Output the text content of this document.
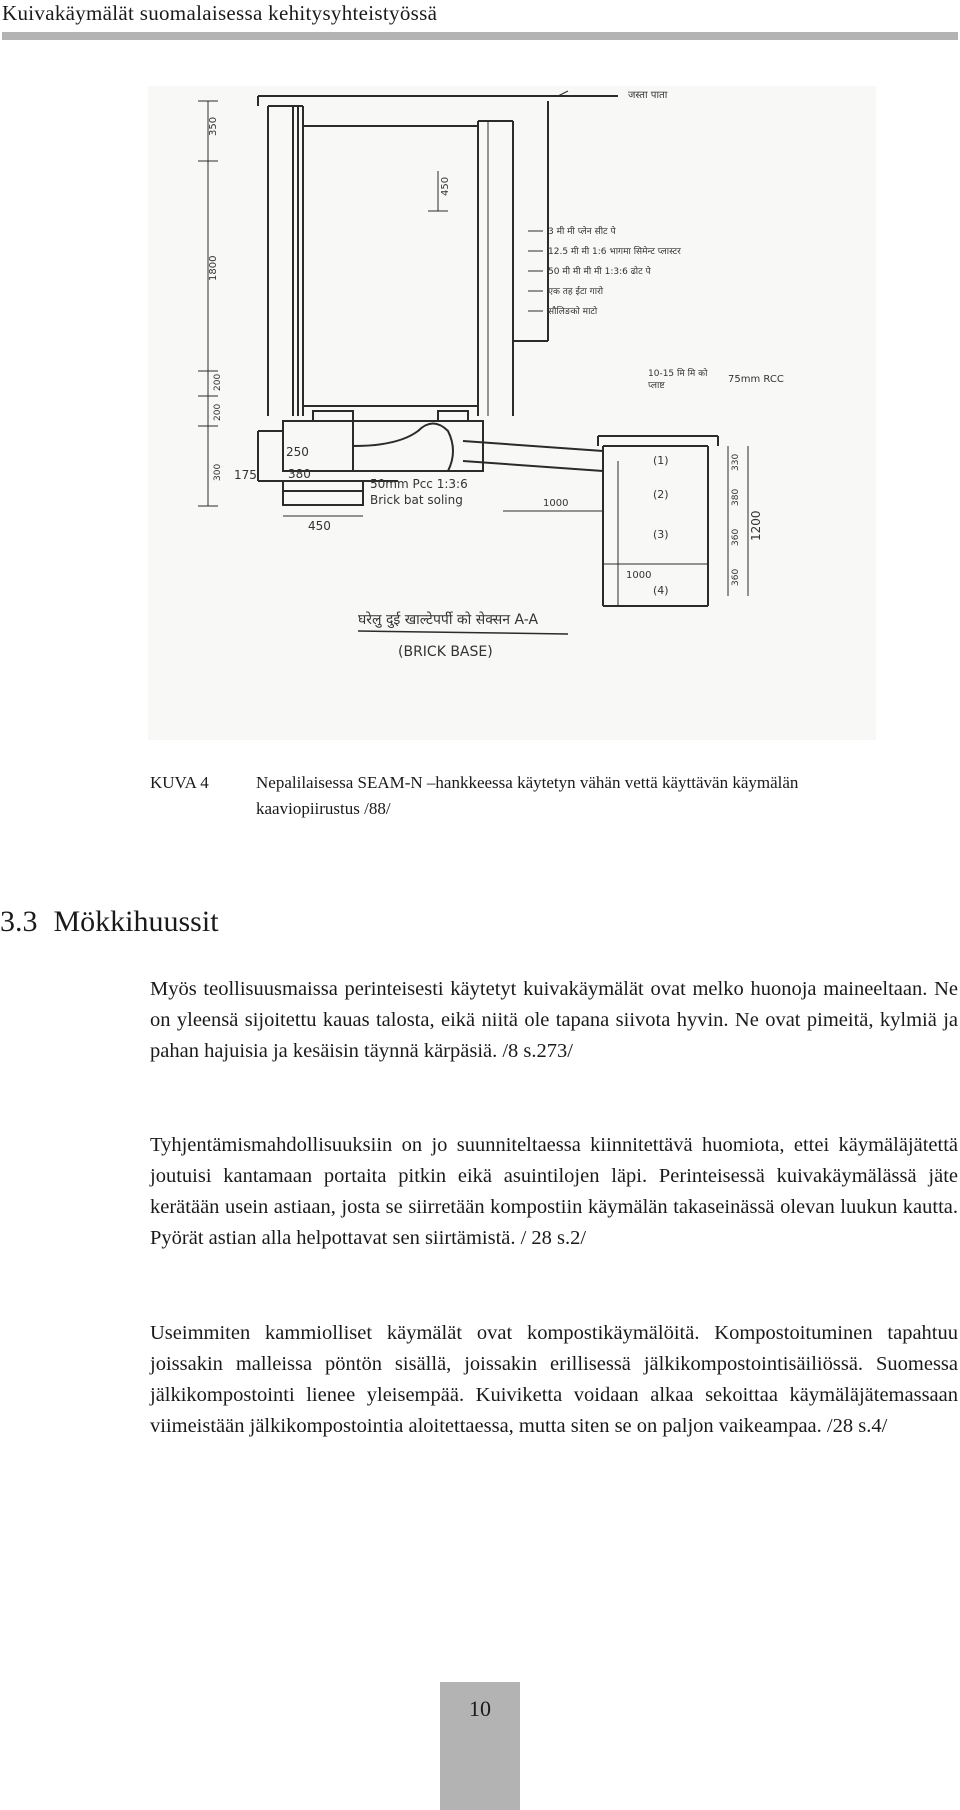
Kuivakäymälät suomalaisessa kehitysyhteistyössä
जस्ता पाता
350
450
1800
200
200
300 175
250
380
450
50mm Pcc 1:3:6
Brick bat soling	1000
3 मी मी प्लेन सीट पे
12.5 मी मी 1:6 भागमा सिमेन्ट प्लास्टर
50 मी मी मी मी 1:3:6 ढोट पे
एक तह ईटा गारो
सौलिङको माटो
10-15 मि मि को
प्लाष्ट
75mm RCC
(1)
(2)
(3)
(4)
1000
330
380
360
360
1200
घरेलु दुई खाल्टेपर्पी को सेक्सन A-A
(BRICK BASE)
KUVA 4	Nepalilaisessa SEAM-N –hankkeessa käytetyn vähän vettä käyttävän käymälän kaaviopiirustus /88/
3.3 Mökkihuussit

Myös teollisuusmaissa perinteisesti käytetyt kuivakäymälät ovat melko huonoja maineeltaan. Ne on yleensä sijoitettu kauas talosta, eikä niitä ole tapana siivota hyvin. Ne ovat pimeitä, kylmiä ja pahan hajuisia ja kesäisin täynnä kärpäsiä. /8 s.273/

Tyhjentämismahdollisuuksiin on jo suunniteltaessa kiinnitettävä huomiota, ettei käymäläjätettä joutuisi kantamaan portaita pitkin eikä asuintilojen läpi. Perinteisessä kuivakäymälässä jäte kerätään usein astiaan, josta se siirretään kompostiin käymälän takaseinässä olevan luukun kautta. Pyörät astian alla helpottavat sen siirtämistä. / 28 s.2/

Useimmiten kammiolliset käymälät ovat kompostikäymälöitä. Kompostoituminen tapahtuu joissakin malleissa pöntön sisällä, joissakin erillisessä jälkikompostointisäiliössä. Suomessa jälkikompostointi lienee yleisempää. Kuiviketta voidaan alkaa sekoittaa käymäläjätemassaan viimeistään jälkikompostointia aloitettaessa, mutta siten se on paljon vaikeampaa. /28 s.4/

10
